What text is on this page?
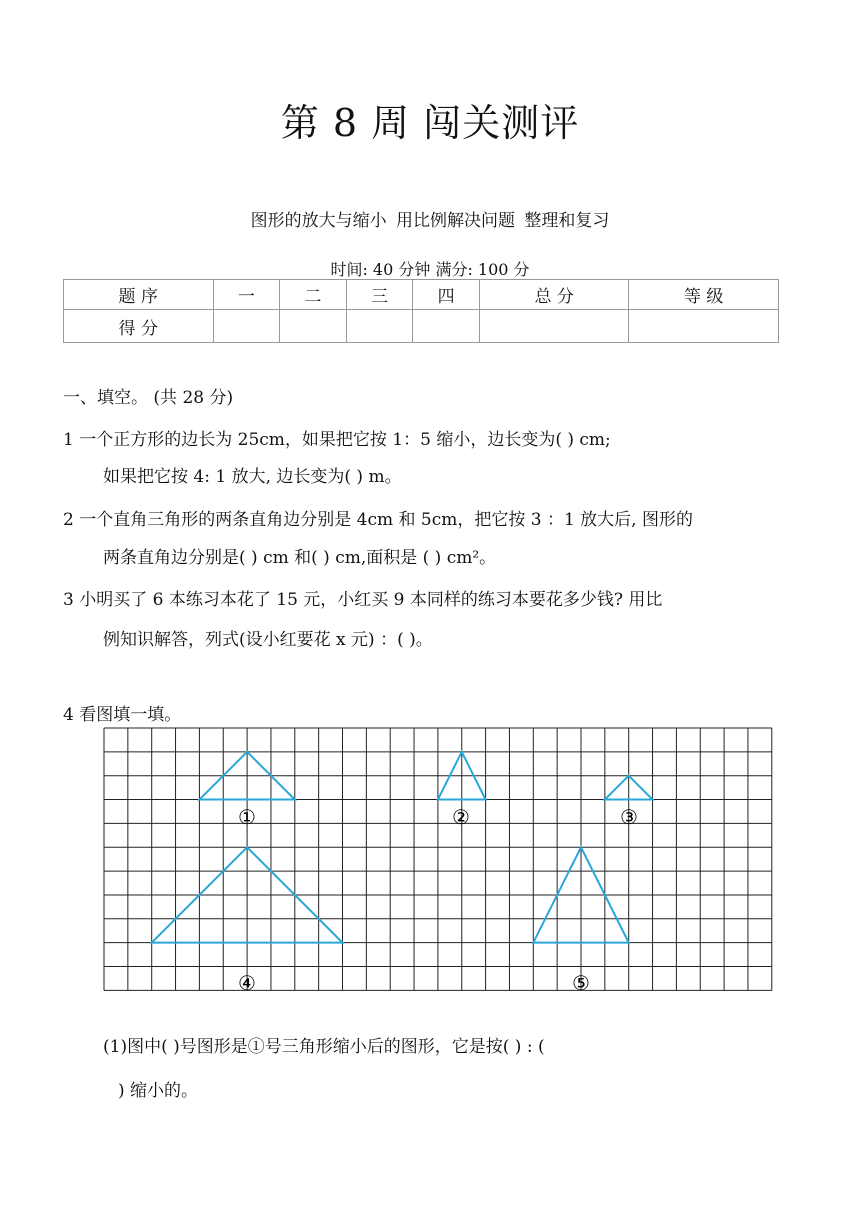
第 8 周 闯关测评
图形的放大与缩小 用比例解决问题 整理和复习
时间: 40 分钟 满分: 100 分
题 序	一	二	三	四	总 分	等 级
得 分						
一、填空。 (共 28 分)
1 一个正方形的边长为 25cm，如果把它按 1：5 缩小，边长变为( ) cm;
如果把它按 4: 1 放大, 边长变为( ) m。
2 一个直角三角形的两条直角边分别是 4cm 和 5cm，把它按 3 ：1 放大后, 图形的
两条直角边分别是( ) cm 和( ) cm,面积是 ( ) cm²。
3 小明买了 6 本练习本花了 15 元，小红买 9 本同样的练习本要花多少钱? 用比
例知识解答，列式(设小红要花 x 元) ：( )。
4 看图填一填。
①	②	③
④	⑤
(1)图中( )号图形是①号三角形缩小后的图形，它是按( ) : (
) 缩小的。
